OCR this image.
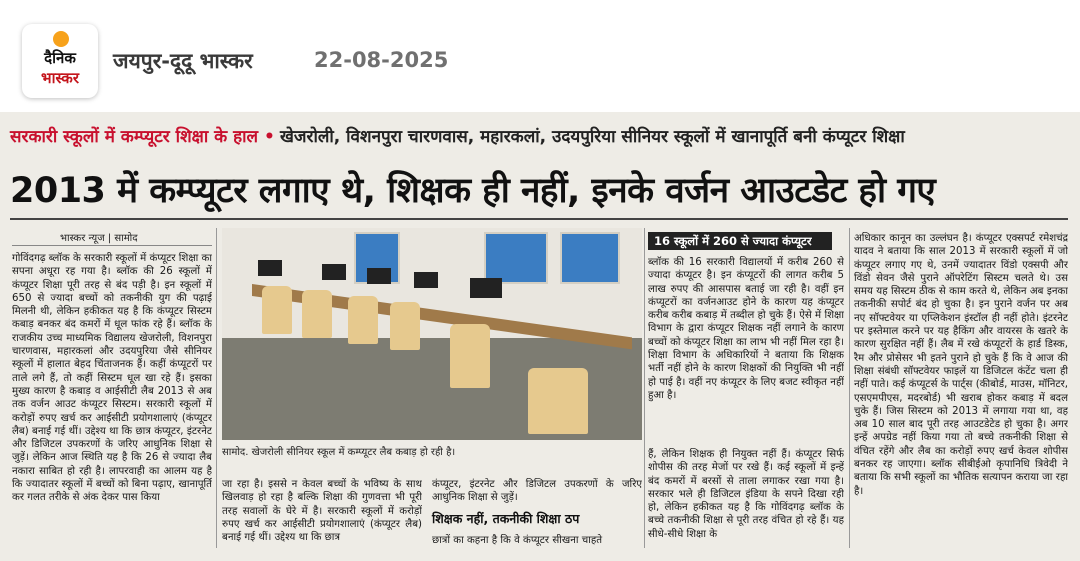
दैनिक
भास्कर
जयपुर-दूदू भास्कर	22-08-2025
सरकारी स्कूलों में कम्प्यूटर शिक्षा के हाल • खेजरोली, विशनपुरा चारणवास, महारकलां, उदयपुरिया सीनियर स्कूलों में खानापूर्ति बनी कंप्यूटर शिक्षा
2013 में कम्प्यूटर लगाए थे, शिक्षक ही नहीं, इनके वर्जन आउटडेट हो गए
भास्कर न्यूज | सामोद

गोविंदगढ़ ब्लॉक के सरकारी स्कूलों में कंप्यूटर शिक्षा का सपना अधूरा रह गया है। ब्लॉक की 26 स्कूलों में कंप्यूटर शिक्षा पूरी तरह से बंद पड़ी है। इन स्कूलों में 650 से ज्यादा बच्चों को तकनीकी युग की पढ़ाई मिलनी थी, लेकिन हकीकत यह है कि कंप्यूटर सिस्टम कबाड़ बनकर बंद कमरों में धूल फांक रहे हैं। ब्लॉक के राजकीय उच्च माध्यमिक विद्यालय खेजरोली, विशनपुरा चारणवास, महारकलां और उदयपुरिया जैसे सीनियर स्कूलों में हालात बेहद चिंताजनक हैं। कहीं कंप्यूटरों पर ताले लगे हैं, तो कहीं सिस्टम धूल खा रहे हैं। इसका मुख्य कारण है कबाड़ व आईसीटी लैब 2013 से अब तक वर्जन आउट कंप्यूटर सिस्टम। सरकारी स्कूलों में करोड़ों रुपए खर्च कर आईसीटी प्रयोगशालाएं (कंप्यूटर लैब) बनाई गई थीं। उद्देश्य था कि छात्र कंप्यूटर, इंटरनेट और डिजिटल उपकरणों के जरिए आधुनिक शिक्षा से जुड़ें। लेकिन आज स्थिति यह है कि 26 से ज्यादा लैब नकारा साबित हो रही है। लापरवाही का आलम यह है कि ज्यादातर स्कूलों में बच्चों को बिना पढ़ाए, खानापूर्ति कर गलत तरीके से अंक देकर पास किया

सामोद. खेजरोली सीनियर स्कूल में कम्प्यूटर लैब कबाड़ हो रही है।

जा रहा है। इससे न केवल बच्चों के भविष्य के साथ खिलवाड़ हो रहा है बल्कि शिक्षा की गुणवत्ता भी पूरी तरह सवालों के घेरे में है। सरकारी स्कूलों में करोड़ों रुपए खर्च कर आईसीटी प्रयोगशालाएं (कंप्यूटर लैब) बनाई गई थीं। उद्देश्य था कि छात्र

कंप्यूटर, इंटरनेट और डिजिटल उपकरणों के जरिए आधुनिक शिक्षा से जुड़ें।

शिक्षक नहीं, तकनीकी शिक्षा ठप

छात्रों का कहना है कि वे कंप्यूटर सीखना चाहते

16 स्कूलों में 260 से ज्यादा कंप्यूटर

ब्लॉक की 16 सरकारी विद्यालयों में करीब 260 से ज्यादा कंप्यूटर है। इन कंप्यूटरों की लागत करीब 5 लाख रुपए की आसपास बताई जा रही है। वहीं इन कंप्यूटरों का वर्जनआउट होने के कारण यह कंप्यूटर करीब करीब कबाड़ में तब्दील हो चुके हैं। ऐसे में शिक्षा विभाग के द्वारा कंप्यूटर शिक्षक नहीं लगाने के कारण बच्चों को कंप्यूटर शिक्षा का लाभ भी नहीं मिल रहा है। शिक्षा विभाग के अधिकारियों ने बताया कि शिक्षक भर्ती नहीं होने के कारण शिक्षकों की नियुक्ति भी नहीं हो पाई है। वहीं नए कंप्यूटर के लिए बजट स्वीकृत नहीं हुआ है।

हैं, लेकिन शिक्षक ही नियुक्त नहीं हैं। कंप्यूटर सिर्फ शोपीस की तरह मेजों पर रखे हैं। कई स्कूलों में इन्हें बंद कमरों में बरसों से ताला लगाकर रखा गया है। सरकार भले ही डिजिटल इंडिया के सपने दिखा रही हो, लेकिन हकीकत यह है कि गोविंदगढ़ ब्लॉक के बच्चे तकनीकी शिक्षा से पूरी तरह वंचित हो रहे हैं। यह सीधे-सीधे शिक्षा के

अधिकार कानून का उल्लंघन है। कंप्यूटर एक्सपर्ट रमेशचंद्र यादव ने बताया कि साल 2013 में सरकारी स्कूलों में जो कंप्यूटर लगाए गए थे, उनमें ज्यादातर विंडो एक्सपी और विंडो सेवन जैसे पुराने ऑपरेटिंग सिस्टम चलते थे। उस समय यह सिस्टम ठीक से काम करते थे, लेकिन अब इनका तकनीकी सपोर्ट बंद हो चुका है। इन पुराने वर्जन पर अब नए सॉफ्टवेयर या एप्लिकेशन इंस्टॉल ही नहीं होते। इंटरनेट पर इस्तेमाल करने पर यह हैकिंग और वायरस के खतरे के कारण सुरक्षित नहीं हैं। लैब में रखे कंप्यूटरों के हार्ड डिस्क, रैम और प्रोसेसर भी इतने पुराने हो चुके हैं कि वे आज की शिक्षा संबंधी सॉफ्टवेयर फाइलें या डिजिटल कंटेंट चला ही नहीं पाते। कई कंप्यूटर्स के पार्ट्स (कीबोर्ड, माउस, मॉनिटर, एसएमपीएस, मदरबोर्ड) भी खराब होकर कबाड़ में बदल चुके हैं। जिस सिस्टम को 2013 में लगाया गया था, वह अब 10 साल बाद पूरी तरह आउटडेटेड हो चुका है। अगर इन्हें अपग्रेड नहीं किया गया तो बच्चे तकनीकी शिक्षा से वंचित रहेंगे और लैब का करोड़ों रुपए खर्च केवल शोपीस बनकर रह जाएगा। ब्लॉक सीबीईओ कृपानिधि त्रिवेदी ने बताया कि सभी स्कूलों का भौतिक सत्यापन कराया जा रहा है।
